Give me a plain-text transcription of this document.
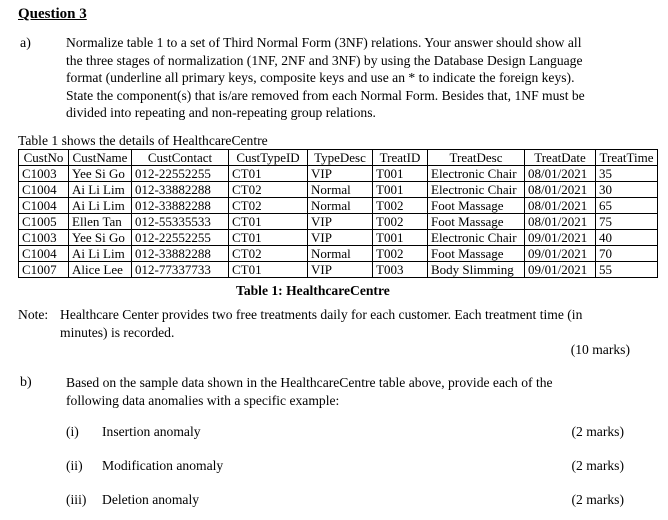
Question 3
a)	Normalize table 1 to a set of Third Normal Form (3NF) relations. Your answer should show all
the three stages of normalization (1NF, 2NF and 3NF) by using the Database Design Language
format (underline all primary keys, composite keys and use an * to indicate the foreign keys).
State the component(s) that is/are removed from each Normal Form. Besides that, 1NF must be
divided into repeating and non-repeating group relations.
Table 1 shows the details of HealthcareCentre
CustNo	CustName	CustContact	CustTypeID	TypeDesc	TreatID	TreatDesc	TreatDate	TreatTime
C1003	Yee Si Go	012-22552255	CT01	VIP	T001	Electronic Chair	08/01/2021	35
C1004	Ai Li Lim	012-33882288	CT02	Normal	T001	Electronic Chair	08/01/2021	30
C1004	Ai Li Lim	012-33882288	CT02	Normal	T002	Foot Massage	08/01/2021	65
C1005	Ellen Tan	012-55335533	CT01	VIP	T002	Foot Massage	08/01/2021	75
C1003	Yee Si Go	012-22552255	CT01	VIP	T001	Electronic Chair	09/01/2021	40
C1004	Ai Li Lim	012-33882288	CT02	Normal	T002	Foot Massage	09/01/2021	70
C1007	Alice Lee	012-77337733	CT01	VIP	T003	Body Slimming	09/01/2021	55
Table 1: HealthcareCentre
Note: Healthcare Center provides two free treatments daily for each customer. Each treatment time (in
minutes) is recorded.
(10 marks)
b)	Based on the sample data shown in the HealthcareCentre table above, provide each of the
following data anomalies with a specific example:
(i) Insertion anomaly	(2 marks)
(ii) Modification anomaly	(2 marks)
(iii) Deletion anomaly	(2 marks)
